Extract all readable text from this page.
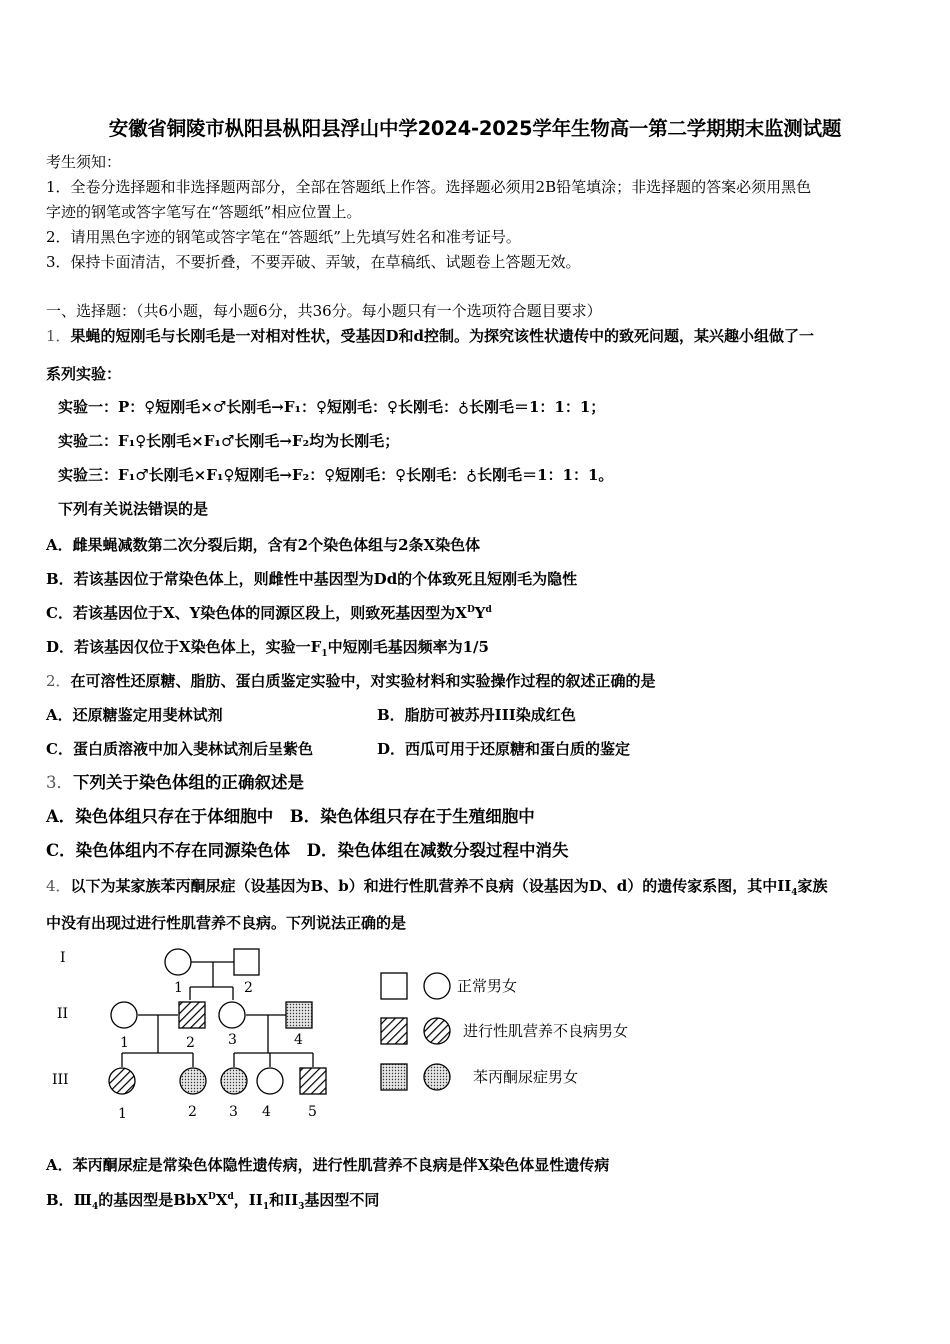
安徽省铜陵市枞阳县枞阳县浮山中学2024-2025学年生物高一第二学期期末监测试题
考生须知：
1．全卷分选择题和非选择题两部分，全部在答题纸上作答。选择题必须用2B铅笔填涂；非选择题的答案必须用黑色
字迹的钢笔或答字笔写在“答题纸”相应位置上。
2．请用黑色字迹的钢笔或答字笔在“答题纸”上先填写姓名和准考证号。
3．保持卡面清洁，不要折叠，不要弄破、弄皱，在草稿纸、试题卷上答题无效。
一、选择题：（共6小题，每小题6分，共36分。每小题只有一个选项符合题目要求）
1．果蝇的短刚毛与长刚毛是一对相对性状，受基因D和d控制。为探究该性状遗传中的致死问题，某兴趣小组做了一
系列实验：
实验一：P：♀短刚毛×♂长刚毛→F₁：♀短刚毛：♀长刚毛：♁长刚毛＝1：1：1；
实验二：F₁♀长刚毛×F₁♂长刚毛→F₂均为长刚毛；
实验三：F₁♂长刚毛×F₁♀短刚毛→F₂：♀短刚毛：♀长刚毛：♁长刚毛＝1：1：1。
下列有关说法错误的是
A．雌果蝇减数第二次分裂后期，含有2个染色体组与2条X染色体
B．若该基因位于常染色体上，则雌性中基因型为Dd的个体致死且短刚毛为隐性
C．若该基因位于X、Y染色体的同源区段上，则致死基因型为$X^DY^d$
D．若该基因仅位于X染色体上，实验一$F_1$中短刚毛基因频率为1/5
2．在可溶性还原糖、脂肪、蛋白质鉴定实验中，对实验材料和实验操作过程的叙述正确的是
A．还原糖鉴定用斐林试剂	B．脂肪可被苏丹III染成红色
C．蛋白质溶液中加入斐林试剂后呈紫色	D．西瓜可用于还原糖和蛋白质的鉴定
3．下列关于染色体组的正确叙述是
A．染色体组只存在于体细胞中　B．染色体组只存在于生殖细胞中
C．染色体组内不存在同源染色体　D．染色体组在减数分裂过程中消失
4．以下为某家族苯丙酮尿症（设基因为B、b）和进行性肌营养不良病（设基因为D、d）的遗传家系图，其中$II_4$家族
中没有出现过进行性肌营养不良病。下列说法正确的是
I
II
III
1	2
1	2 3	4
1	2 3 4	5
正常男女
进行性肌营养不良病男女
苯丙酮尿症男女
A．苯丙酮尿症是常染色体隐性遗传病，进行性肌营养不良病是伴X染色体显性遗传病
B．$Ⅲ_4$的基因型是$BbX^DX^d$，$II_1$和$II_3$基因型不同
